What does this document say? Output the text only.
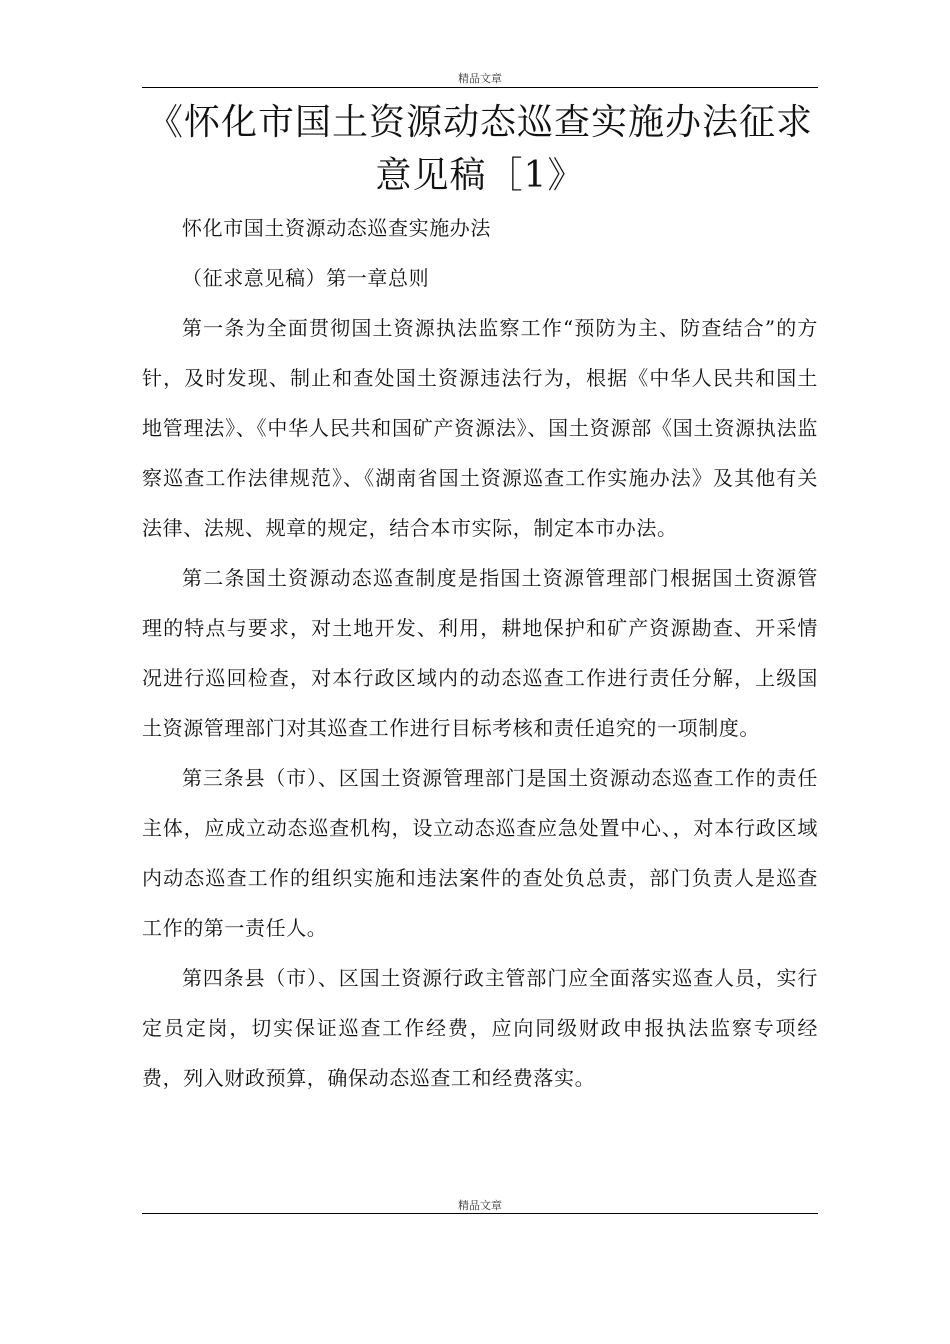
精品文章
《怀化市国土资源动态巡查实施办法征求意见稿［1》

怀化市国土资源动态巡查实施办法

（征求意见稿）第一章总则

第一条为全面贯彻国土资源执法监察工作“预防为主、防查结合”的方针，及时发现、制止和查处国土资源违法行为，根据《中华人民共和国土地管理法》、《中华人民共和国矿产资源法》、国土资源部《国土资源执法监察巡查工作法律规范》、《湖南省国土资源巡查工作实施办法》及其他有关法律、法规、规章的规定，结合本市实际，制定本市办法。

第二条国土资源动态巡查制度是指国土资源管理部门根据国土资源管理的特点与要求，对土地开发、利用，耕地保护和矿产资源勘查、开采情况进行巡回检查，对本行政区域内的动态巡查工作进行责任分解，上级国土资源管理部门对其巡查工作进行目标考核和责任追究的一项制度。

第三条县（市）、区国土资源管理部门是国土资源动态巡查工作的责任主体，应成立动态巡查机构，设立动态巡查应急处置中心、，对本行政区域内动态巡查工作的组织实施和违法案件的查处负总责，部门负责人是巡查工作的第一责任人。

第四条县（市）、区国土资源行政主管部门应全面落实巡查人员，实行定员定岗，切实保证巡查工作经费，应向同级财政申报执法监察专项经费，列入财政预算，确保动态巡查工和经费落实。

精品文章
